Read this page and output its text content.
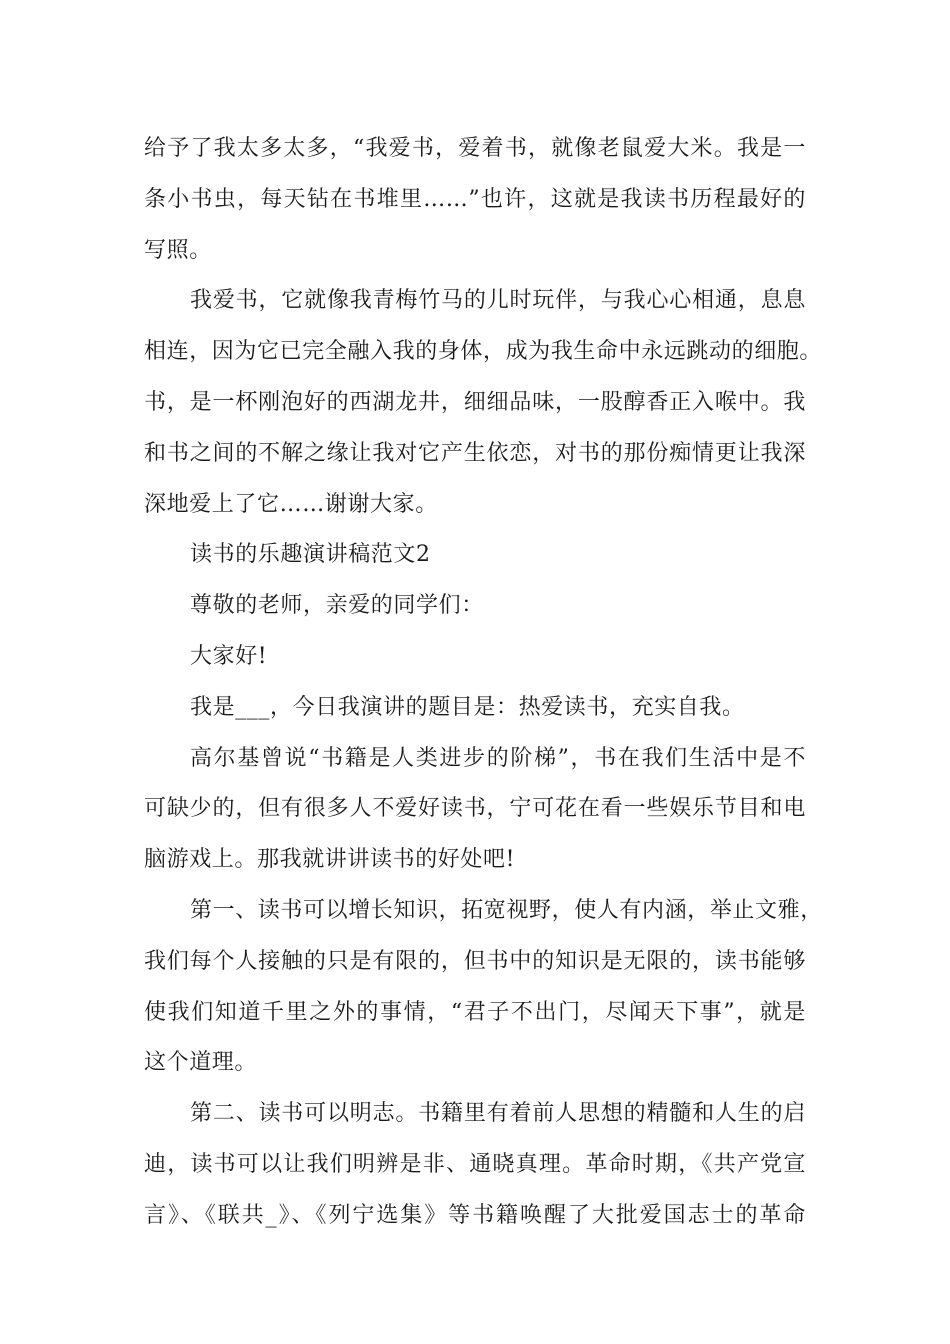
给予了我太多太多，“我爱书，爱着书，就像老鼠爱大米。我是一
条小书虫，每天钻在书堆里……”也许，这就是我读书历程最好的
写照。
我爱书，它就像我青梅竹马的儿时玩伴，与我心心相通，息息
相连，因为它已完全融入我的身体，成为我生命中永远跳动的细胞。
书，是一杯刚泡好的西湖龙井，细细品味，一股醇香正入喉中。我
和书之间的不解之缘让我对它产生依恋，对书的那份痴情更让我深
深地爱上了它……谢谢大家。
读书的乐趣演讲稿范文2
尊敬的老师，亲爱的同学们：
大家好!
我是___，今日我演讲的题目是：热爱读书，充实自我。
高尔基曾说“书籍是人类进步的阶梯”，书在我们生活中是不
可缺少的，但有很多人不爱好读书，宁可花在看一些娱乐节目和电
脑游戏上。那我就讲讲读书的好处吧!
第一、读书可以增长知识，拓宽视野，使人有内涵，举止文雅，
我们每个人接触的只是有限的，但书中的知识是无限的，读书能够
使我们知道千里之外的事情，“君子不出门，尽闻天下事”，就是
这个道理。
第二、读书可以明志。书籍里有着前人思想的精髓和人生的启
迪，读书可以让我们明辨是非、通晓真理。革命时期，《共产党宣
言》、《联共_》、《列宁选集》等书籍唤醒了大批爱国志士的革命
